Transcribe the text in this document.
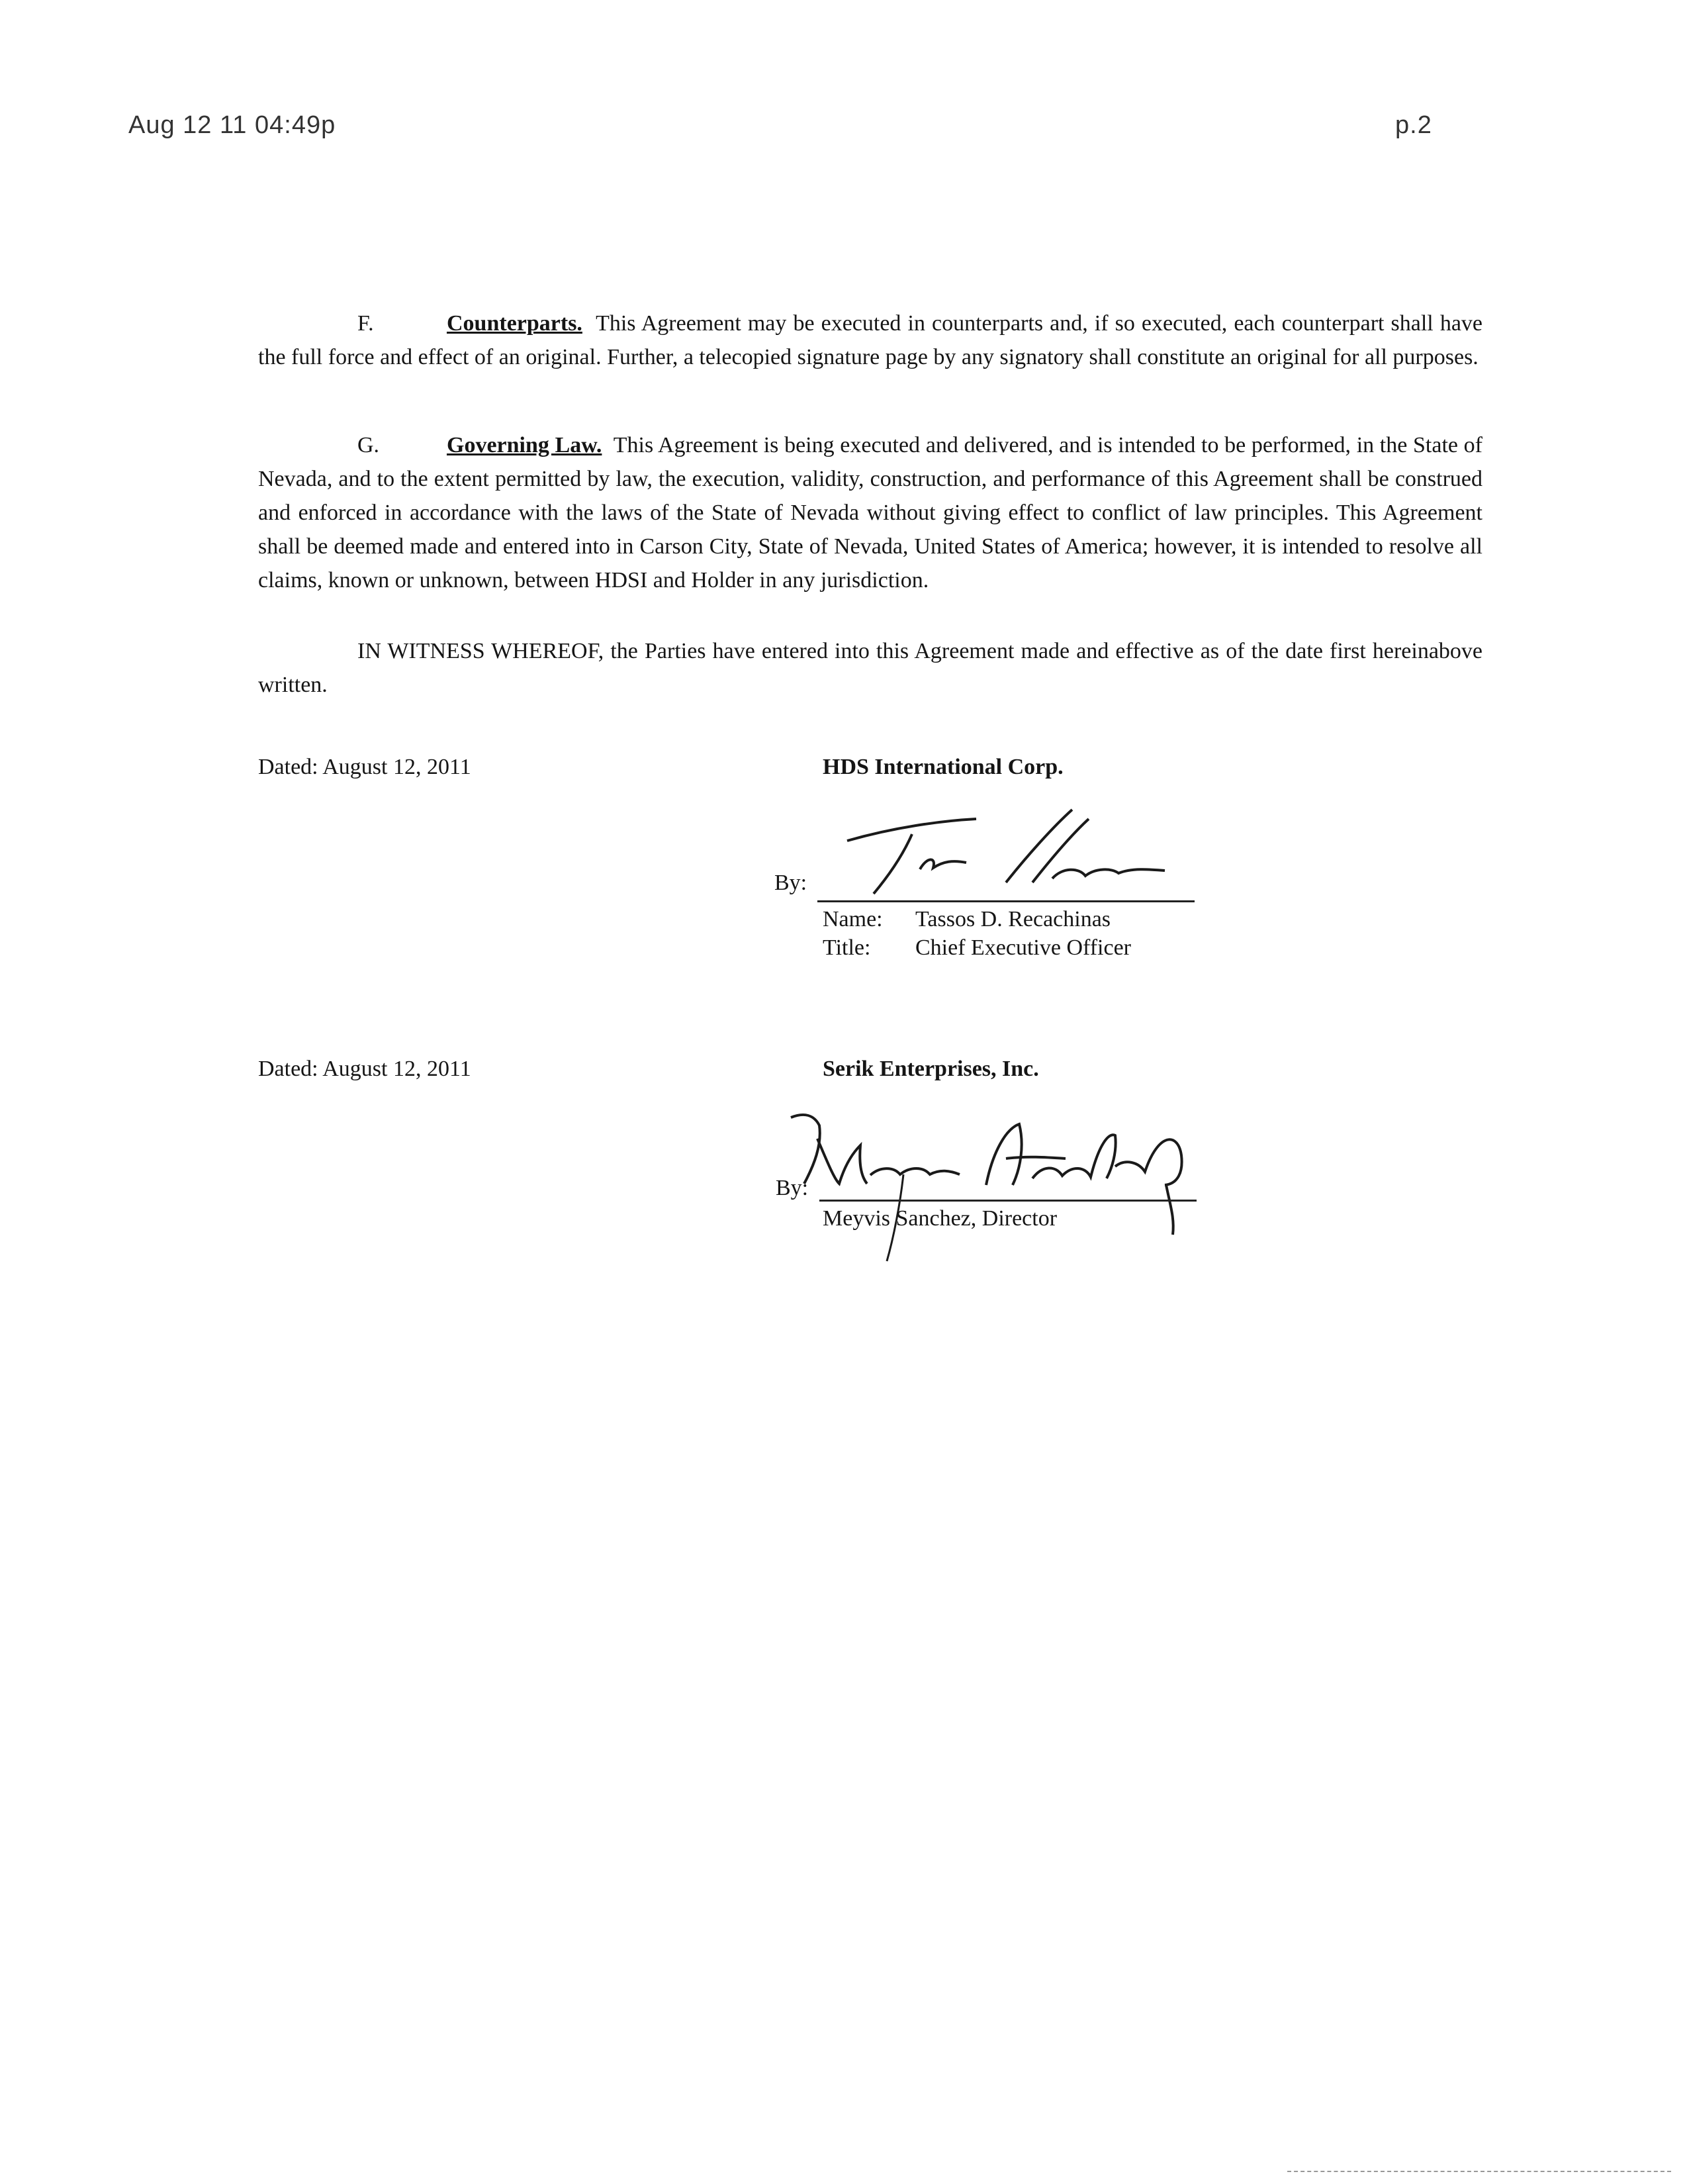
Aug 12 11 04:49p	p.2

F.	Counterparts. This Agreement may be executed in counterparts and, if so executed, each counterpart shall have the full force and effect of an original. Further, a telecopied signature page by any signatory shall constitute an original for all purposes.

G.	Governing Law. This Agreement is being executed and delivered, and is intended to be performed, in the State of Nevada, and to the extent permitted by law, the execution, validity, construction, and performance of this Agreement shall be construed and enforced in accordance with the laws of the State of Nevada without giving effect to conflict of law principles. This Agreement shall be deemed made and entered into in Carson City, State of Nevada, United States of America; however, it is intended to resolve all claims, known or unknown, between HDSI and Holder in any jurisdiction.

IN WITNESS WHEREOF, the Parties have entered into this Agreement made and effective as of the date first hereinabove written.

Dated: August 12, 2011	HDS International Corp.
By:
Name: Tassos D. Recachinas
Title: Chief Executive Officer
Dated: August 12, 2011	Serik Enterprises, Inc.
By:
Meyvis Sanchez, Director
